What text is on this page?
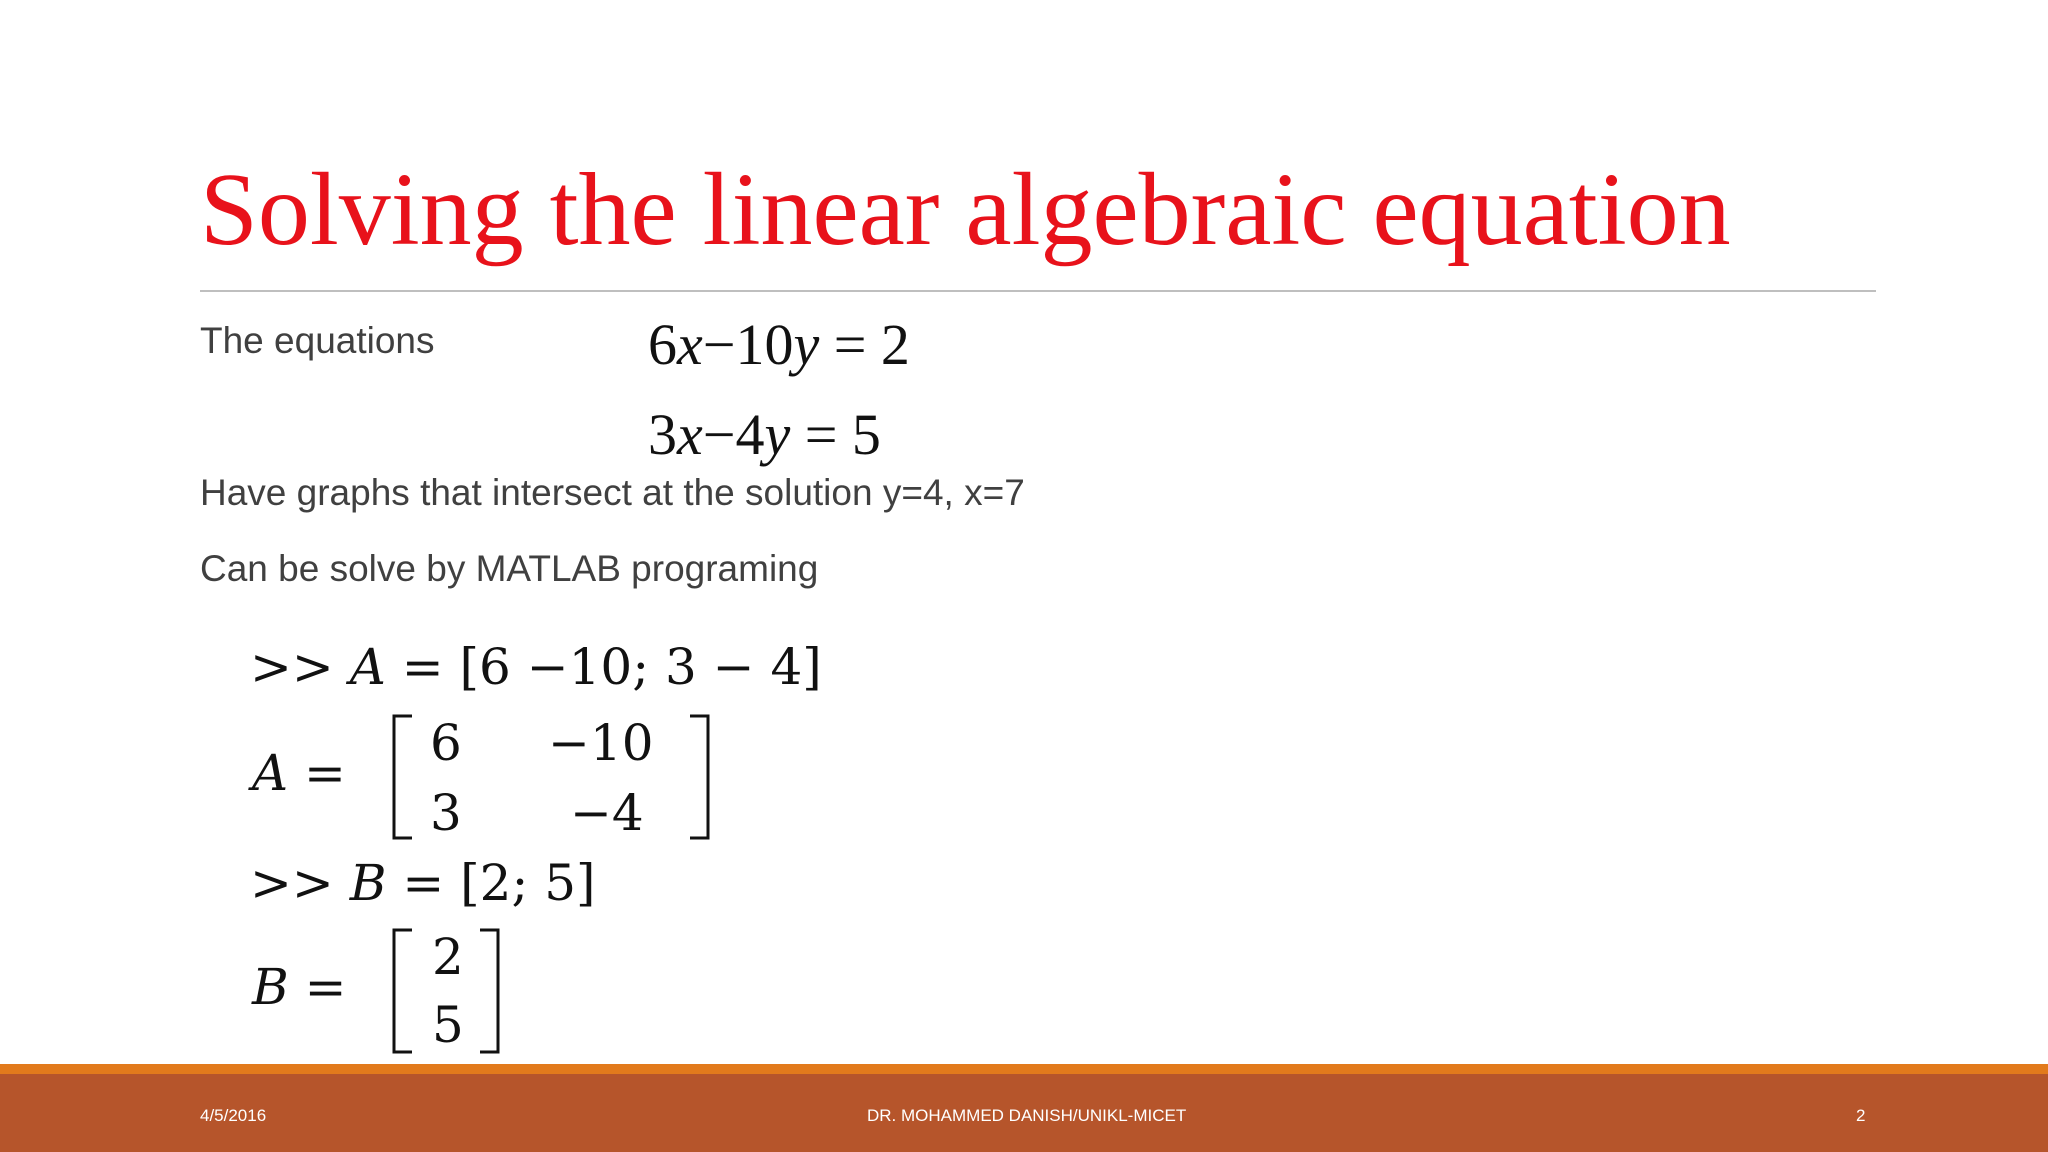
Solving the linear algebraic equation
The equations	6x−10y = 2
3x−4y = 5
Have graphs that intersect at the solution y=4, x=7
Can be solve by MATLAB programing
>> A = [6 −10; 3 − 4]
A =
6 −10
3 −4
>> B = [2; 5]
B =
2
5
4/5/2016	DR. MOHAMMED DANISH/UNIKL-MICET	2
